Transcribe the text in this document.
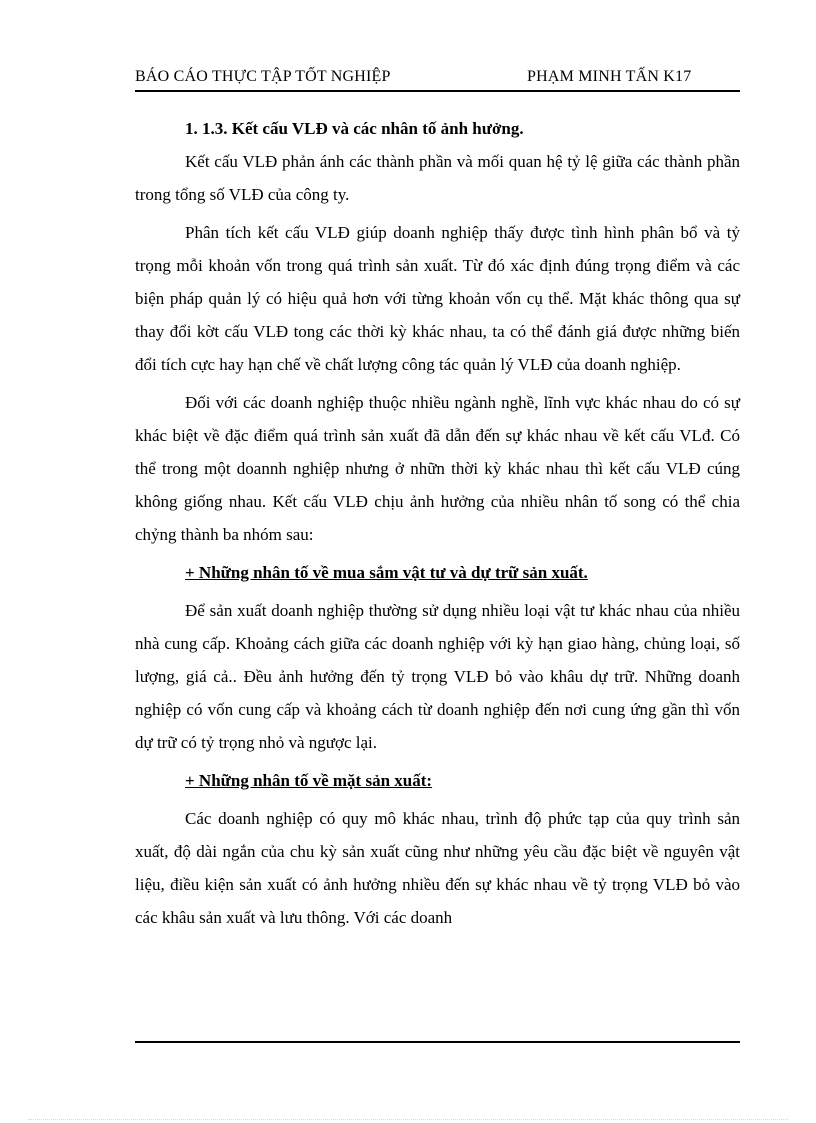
BÁO CÁO THỰC TẬP TỐT NGHIỆP	PHẠM MINH TẤN K17

1. 1.3. Kết cấu VLĐ và các nhân tố ảnh hưởng.

Kết cấu VLĐ phản ánh các thành phần và mối quan hệ tỷ lệ giữa các thành phần trong tổng số VLĐ của công ty.

Phân tích kết cấu VLĐ giúp doanh nghiệp thấy được tình hình phân bổ và tỷ trọng mỗi khoản vốn trong quá trình sản xuất. Từ đó xác định đúng trọng điểm và các biện pháp quản lý có hiệu quả hơn với từng khoản vốn cụ thể. Mặt khác thông qua sự thay đổi kờt cấu VLĐ tong các thời kỳ khác nhau, ta có thể đánh giá được những biến đổi tích cực hay hạn chế về chất lượng công tác quản lý VLĐ của doanh nghiệp.

Đối với các doanh nghiệp thuộc nhiều ngành nghề, lĩnh vực khác nhau do có sự khác biệt về đặc điểm quá trình sản xuất đã dẫn đến sự khác nhau về kết cấu VLđ. Có thể trong một doannh nghiệp nhưng ở nhữn thời kỳ khác nhau thì kết cấu VLĐ cúng không giống nhau. Kết cấu VLĐ chịu ảnh hưởng của nhiều nhân tố song có thể chia chỷng thành ba nhóm sau:

+ Những nhân tố về mua sắm vật tư và dự trữ sản xuất.

Để sản xuất doanh nghiệp thường sử dụng nhiều loại vật tư khác nhau của nhiều nhà cung cấp. Khoảng cách giữa các doanh nghiệp với kỳ hạn giao hàng, chủng loại, số lượng, giá cả.. Đều ảnh hưởng đến tỷ trọng VLĐ bỏ vào khâu dự trữ. Những doanh nghiệp có vốn cung cấp và khoảng cách từ doanh nghiệp đến nơi cung ứng gần thì vốn dự trữ có tỷ trọng nhỏ và ngược lại.

+ Những nhân tố về mặt sản xuất:

Các doanh nghiệp có quy mô khác nhau, trình độ phức tạp của quy trình sản xuất, độ dài ngắn của chu kỳ sản xuất cũng như những yêu cầu đặc biệt về nguyên vật liệu, điều kiện sản xuất có ảnh hưởng nhiều đến sự khác nhau về tỷ trọng VLĐ bỏ vào các khâu sản xuất và lưu thông. Với các doanh
